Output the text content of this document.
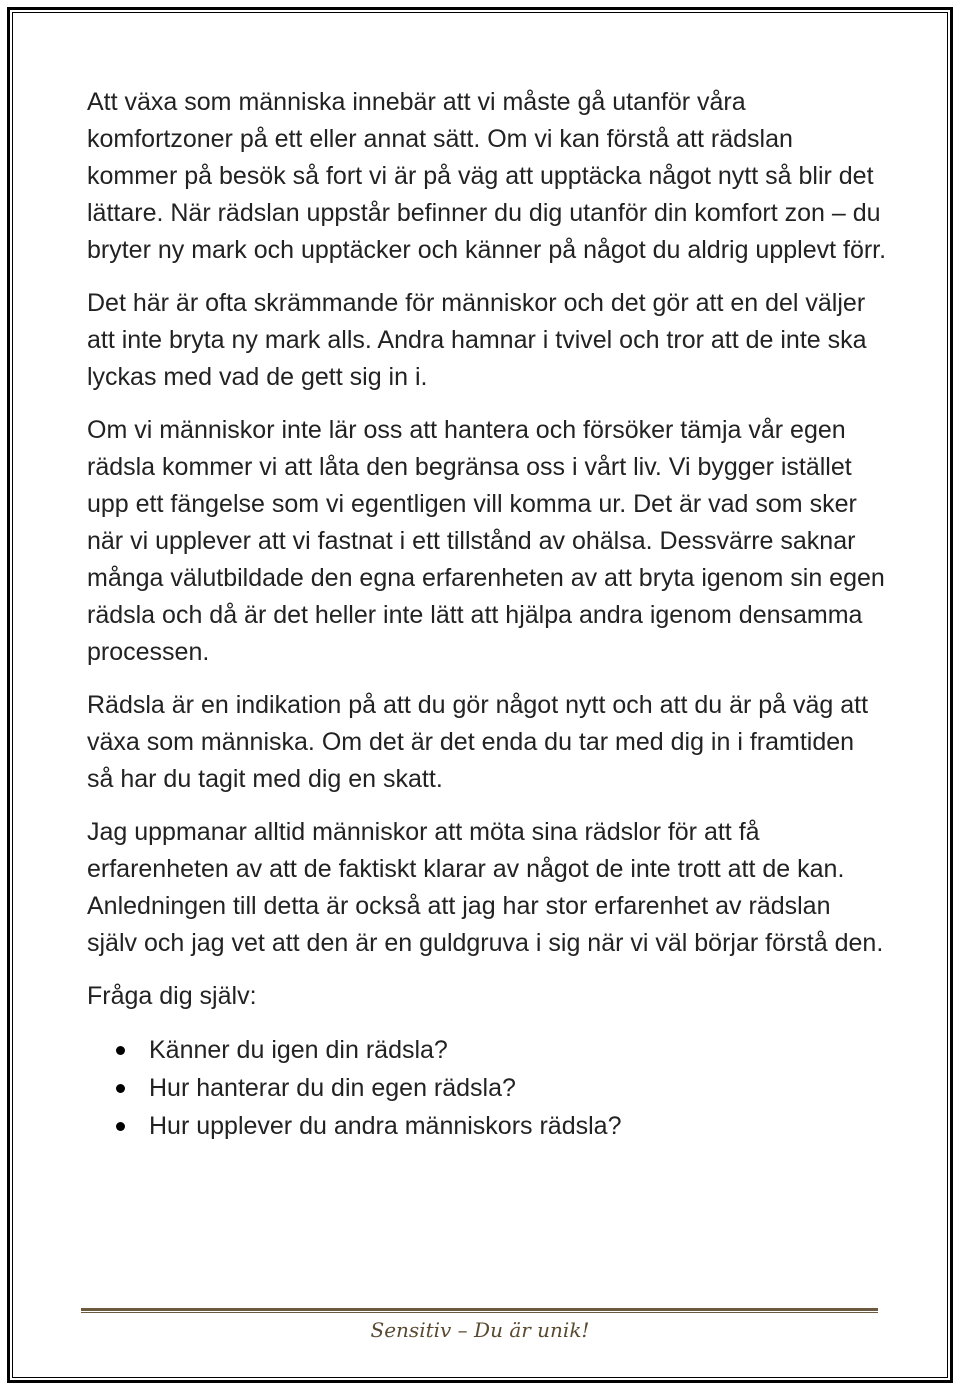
Att växa som människa innebär att vi måste gå utanför våra komfortzoner på ett eller annat sätt. Om vi kan förstå att rädslan kommer på besök så fort vi är på väg att upptäcka något nytt så blir det lättare. När rädslan uppstår befinner du dig utanför din komfort zon – du bryter ny mark och upptäcker och känner på något du aldrig upplevt förr.

Det här är ofta skrämmande för människor och det gör att en del väljer att inte bryta ny mark alls. Andra hamnar i tvivel och tror att de inte ska lyckas med vad de gett sig in i.

Om vi människor inte lär oss att hantera och försöker tämja vår egen rädsla kommer vi att låta den begränsa oss i vårt liv. Vi bygger istället upp ett fängelse som vi egentligen vill komma ur. Det är vad som sker när vi upplever att vi fastnat i ett tillstånd av ohälsa. Dessvärre saknar många välutbildade den egna erfarenheten av att bryta igenom sin egen rädsla och då är det heller inte lätt att hjälpa andra igenom densamma processen.

Rädsla är en indikation på att du gör något nytt och att du är på väg att växa som människa. Om det är det enda du tar med dig in i framtiden så har du tagit med dig en skatt.

Jag uppmanar alltid människor att möta sina rädslor för att få erfarenheten av att de faktiskt klarar av något de inte trott att de kan. Anledningen till detta är också att jag har stor erfarenhet av rädslan själv och jag vet att den är en guldgruva i sig när vi väl börjar förstå den.

Fråga dig själv:

Känner du igen din rädsla?
Hur hanterar du din egen rädsla?
Hur upplever du andra människors rädsla?
Sensitiv – Du är unik!
